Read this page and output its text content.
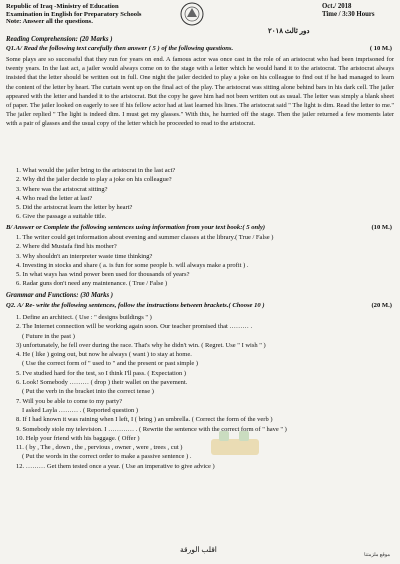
Republic of Iraq -Ministry of Education
Examination in English for Preparatory Schools
Note: Answer all the questions.
Oct./ 2018
Time / 3:30 Hours
دور ثالث ٢٠١٨
Reading Comprehension: (20 Marks )
Q1.A/ Read the following text carefully then answer ( 5 ) of the following questions.	( 10 M.)
Some plays are so successful that they run for years on end. A famous actor was once cast in the role of an aristocrat who had been imprisoned for twenty years. In the last act, a jailer would always come on to the stage with a letter which he would hand it to the aristocrat. The aristocrat always insisted that the letter should be written out in full. One night the jailer decided to play a joke on his colleague to find out if he had managed to learn the content of the letter by heart. The curtain went up on the final act of the play. The aristocrat was sitting alone behind bars in his dark cell. The jailer appeared with the letter and handed it to the aristocrat. But the copy he gave him had not been written out as usual. The letter was simply a blank sheet of paper. The jailer looked on eagerly to see if his fellow actor had at last learned his lines. The aristocrat said " The light is dim. Read the letter to me." The jailer replied " The light is indeed dim. I must get my glasses." With this, he hurried off the stage. Then the jailer returned a few moments later with a pair of glasses and the usual copy of the letter which he proceeded to read to the aristocrat.
1. What would the jailer bring to the aristocrat in the last act?
2. Why did the jailer decide to play a joke on his colleague?
3. Where was the aristocrat sitting?
4. Who read the letter at last?
5. Did the aristocrat learn the letter by heart?
6. Give the passage a suitable title.
B/ Answer or Complete the following sentences using information from your text book:( 5 only)	(10 M.)
1. The writer could get information about evening and summer classes at the library.( True / False )
2. Where did Mustafa find his mother?
3. Why shouldn't an interpreter waste time thinking?
4. Investing in stocks and share ( a. is fun for some people b. will always make a profit ) .
5. In what ways has wind power been used for thousands of years?
6. Radar guns don't need any maintenance. ( True / False )
Grammar and Functions: (30 Marks )
Q2. A/ Re- write the following sentences, follow the instructions between brackets.( Choose 10 )	(20 M.)
1. Define an architect. ( Use : " designs buildings " )
2. The Internet connection will be working again soon. Our teacher promised that ……… .
( Future in the past )
3) unfortunately, he fell over during the race. That's why he didn't win. ( Regret. Use " I wish " )
4. He ( like ) going out, but now he always ( want ) to stay at home.
( Use the correct form of " used to " and the present or past simple )
5. I've studied hard for the test, so I think I'll pass. ( Expectation )
6. Look! Somebody ……… ( drop ) their wallet on the pavement.
( Put the verb in the bracket into the correct tense )
7. Will you be able to come to my party?
I asked Layla ……… . ( Reported question )
8. If I had known it was raining when I left, I ( bring ) an umbrella. ( Correct the form of the verb )
9. Somebody stole my television. I ………… . ( Rewrite the sentence with the correct form of " have " )
10. Help your friend with his baggage. ( Offer )
11. ( by , The , down , the , pervious , owner , were , trees , cut )
( Put the words in the correct order to make a passive sentence ) .
12. ……… Get them tested once a year. ( Use an imperative to give advice )
اقلب الورقة
موقع ملزمتنا
